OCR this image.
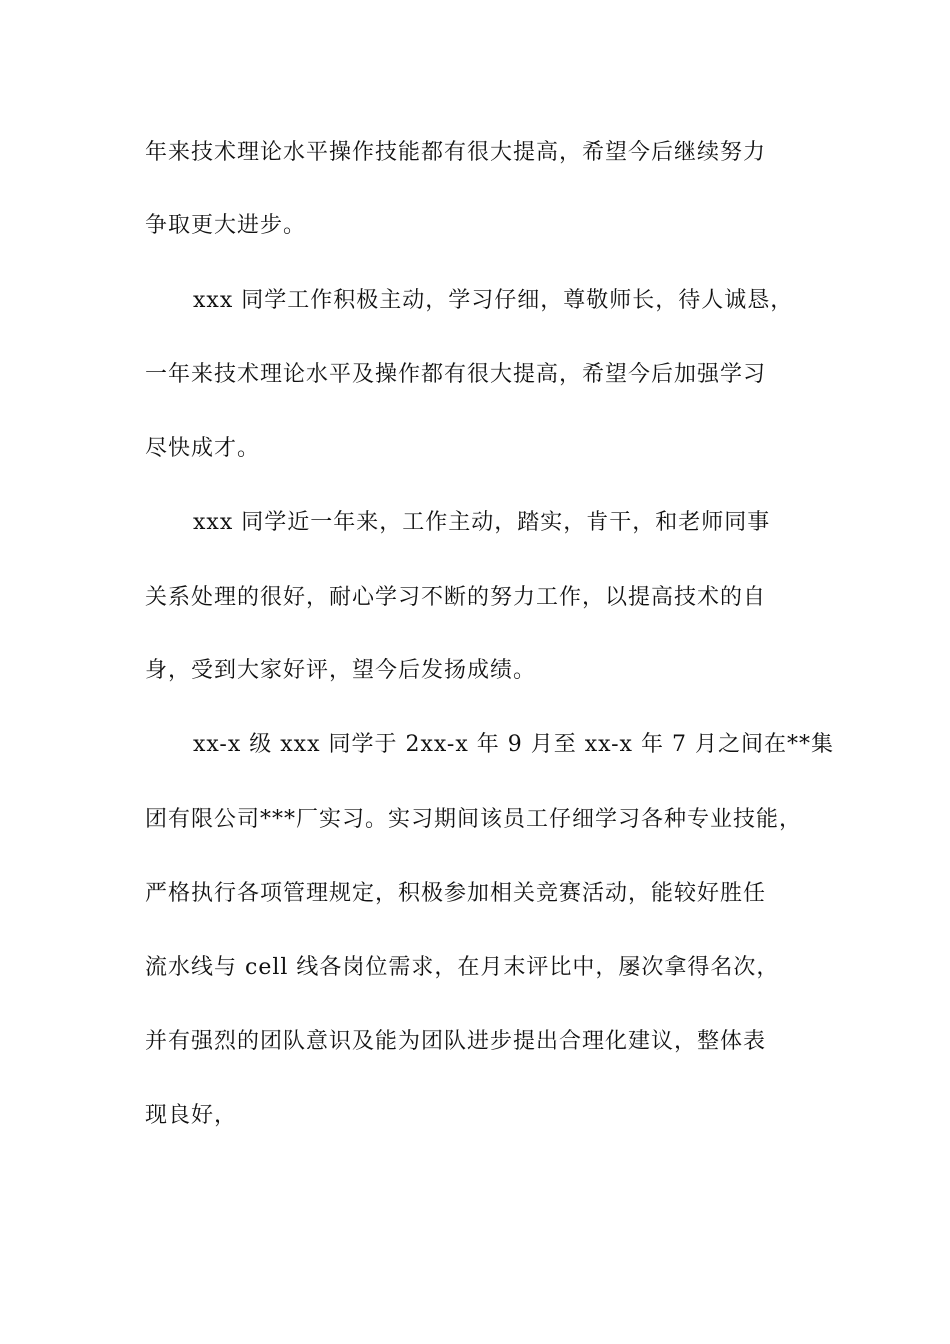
年来技术理论水平操作技能都有很大提高，希望今后继续努力
争取更大进步。
xxx 同学工作积极主动，学习仔细，尊敬师长，待人诚恳，
一年来技术理论水平及操作都有很大提高，希望今后加强学习
尽快成才。
xxx 同学近一年来，工作主动，踏实，肯干，和老师同事
关系处理的很好，耐心学习不断的努力工作，以提高技术的自
身，受到大家好评，望今后发扬成绩。
xx-x 级 xxx 同学于 2xx-x 年 9 月至 xx-x 年 7 月之间在**集
团有限公司***厂实习。实习期间该员工仔细学习各种专业技能，
严格执行各项管理规定，积极参加相关竞赛活动，能较好胜任
流水线与 cell 线各岗位需求，在月末评比中，屡次拿得名次，
并有强烈的团队意识及能为团队进步提出合理化建议，整体表
现良好，
